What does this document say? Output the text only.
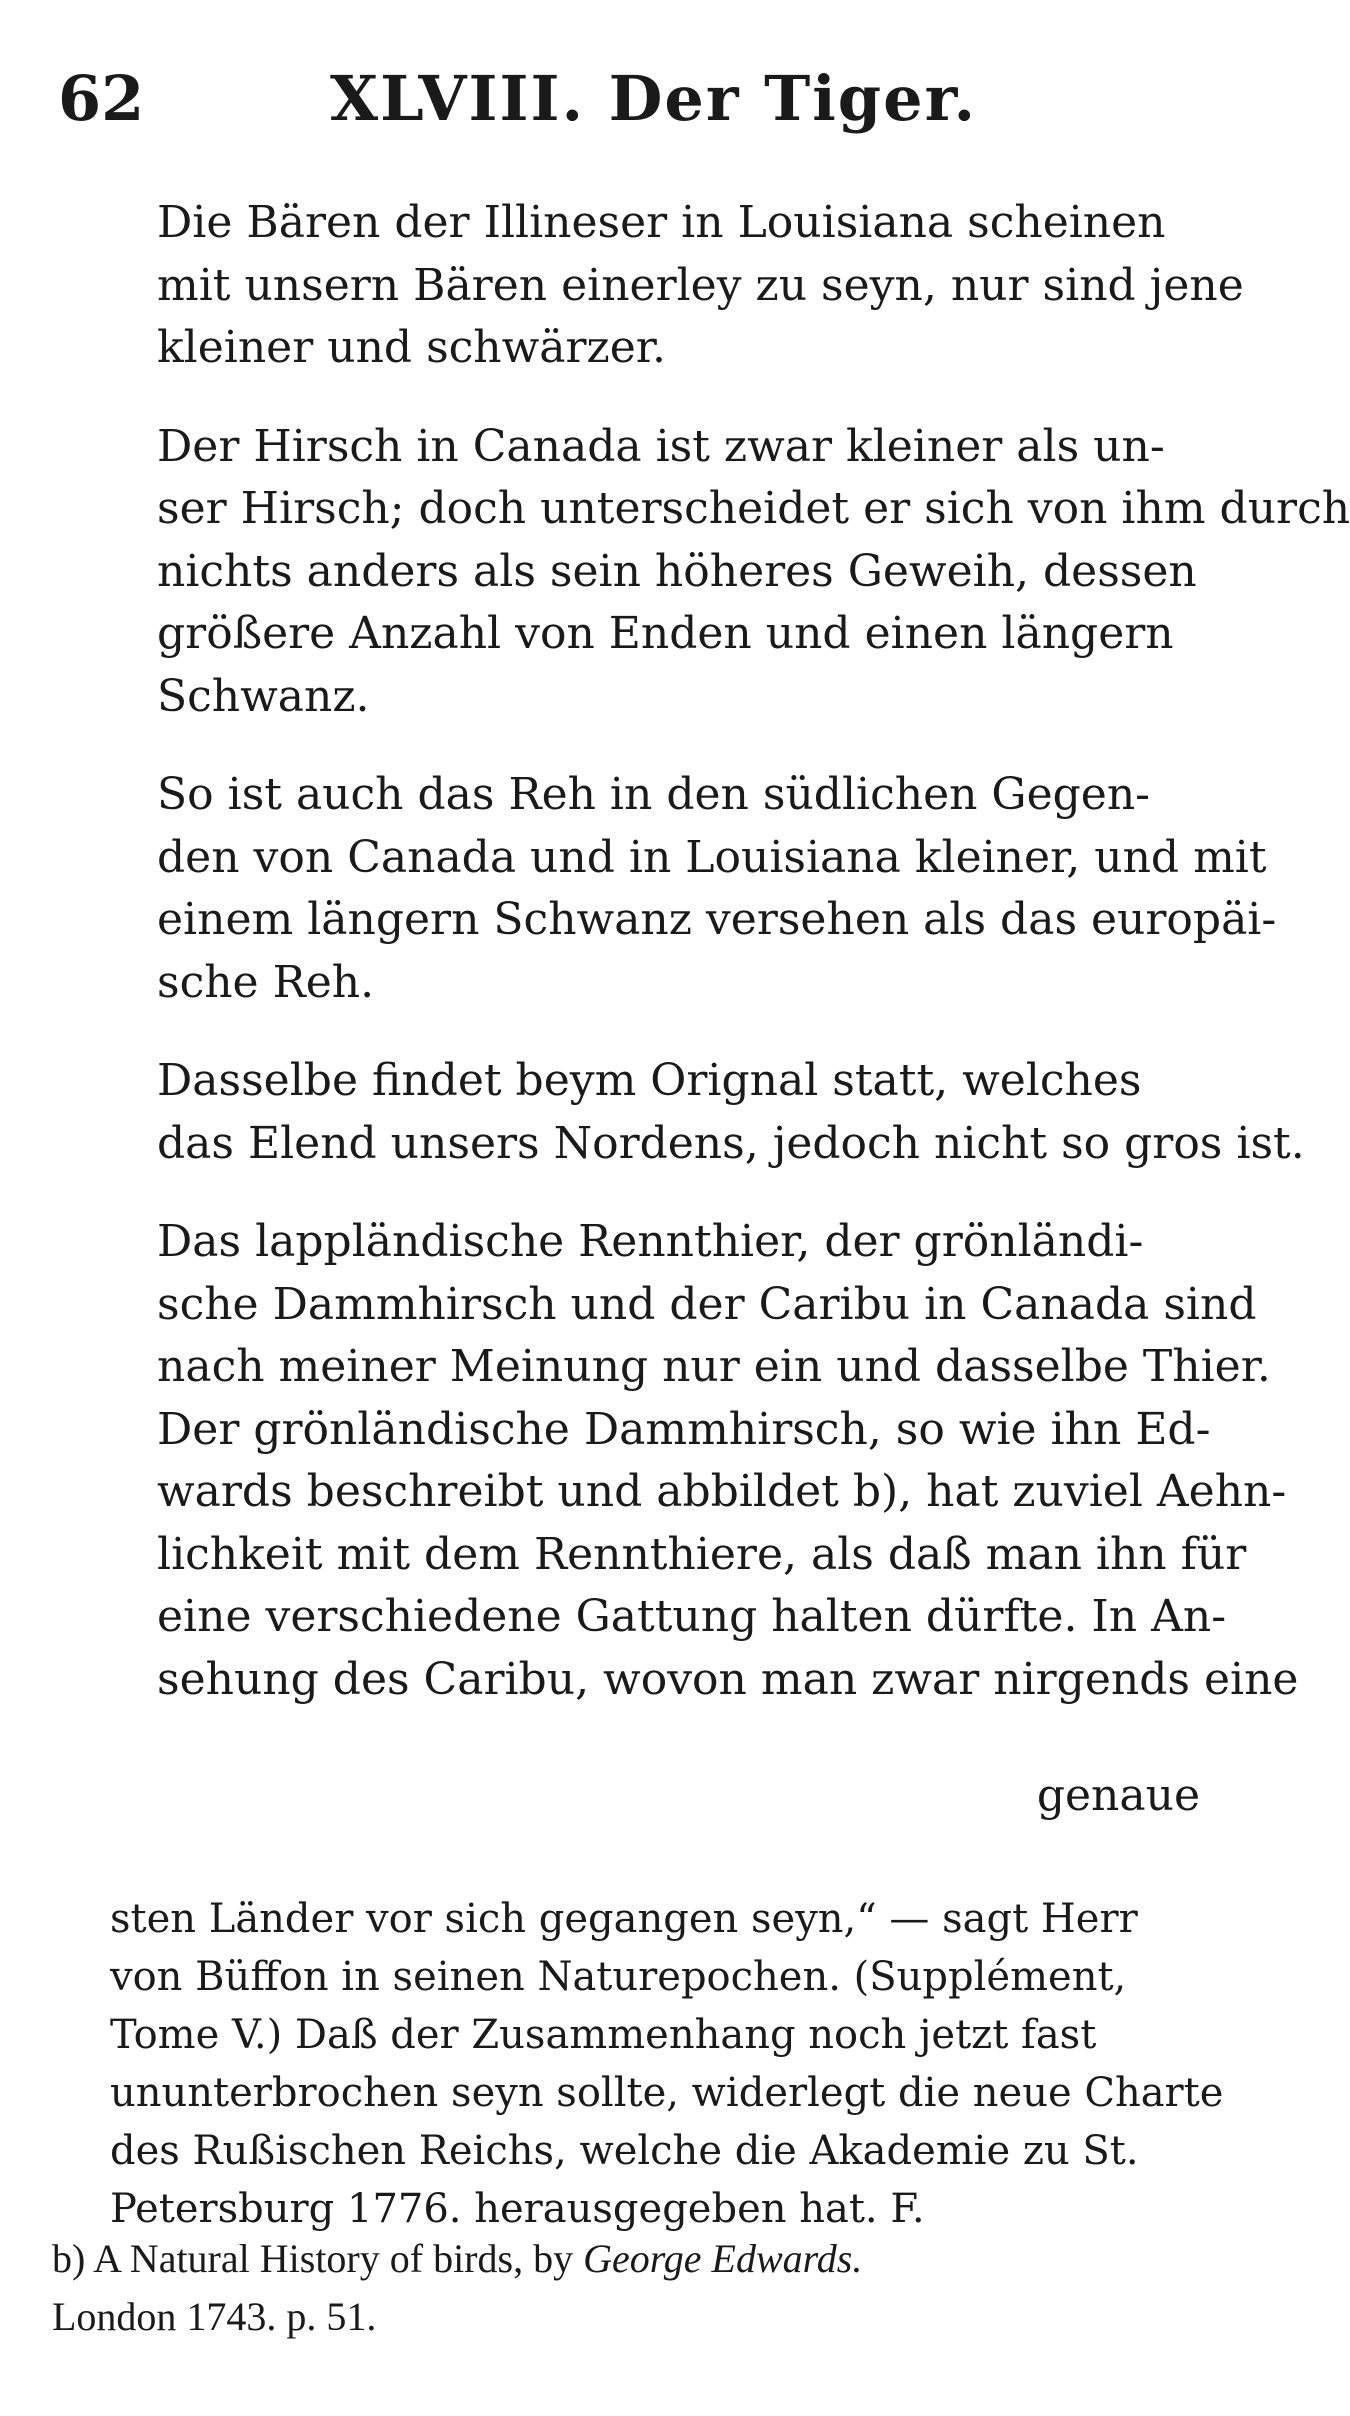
62	XLVIII. Der Tiger.

Die Bären der Illineser in Louisiana scheinen
mit unsern Bären einerley zu seyn, nur sind jene
kleiner und schwärzer.

Der Hirsch in Canada ist zwar kleiner als un-
ser Hirsch; doch unterscheidet er sich von ihm durch
nichts anders als sein höheres Geweih, dessen
größere Anzahl von Enden und einen längern
Schwanz.

So ist auch das Reh in den südlichen Gegen-
den von Canada und in Louisiana kleiner, und mit
einem längern Schwanz versehen als das europäi-
sche Reh.

Dasselbe findet beym Orignal statt, welches
das Elend unsers Nordens, jedoch nicht so gros ist.

Das lappländische Rennthier, der grönländi-
sche Dammhirsch und der Caribu in Canada sind
nach meiner Meinung nur ein und dasselbe Thier.
Der grönländische Dammhirsch, so wie ihn Ed-
wards beschreibt und abbildet b), hat zuviel Aehn-
lichkeit mit dem Rennthiere, als daß man ihn für
eine verschiedene Gattung halten dürfte. In An-
sehung des Caribu, wovon man zwar nirgends eine

genaue
sten Länder vor sich gegangen seyn,“ — sagt Herr
von Büffon in seinen Naturepochen. (Supplément,
Tome V.) Daß der Zusammenhang noch jetzt fast
ununterbrochen seyn sollte, widerlegt die neue Charte
des Rußischen Reichs, welche die Akademie zu St.
Petersburg 1776. herausgegeben hat. F.
b) A Natural History of birds, by George Edwards.
London 1743. p. 51.
